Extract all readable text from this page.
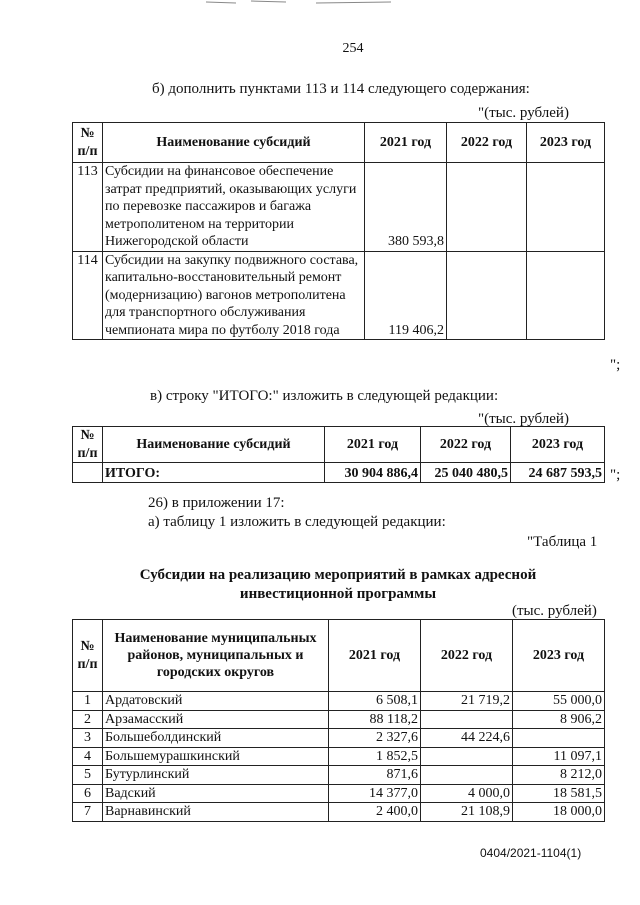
254
б) дополнить пунктами 113 и 114 следующего содержания:
"(тыс. рублей)
№ п/п	Наименование субсидий	2021 год	2022 год	2023 год
113	Субсидии на финансовое обеспечение затрат предприятий, оказывающих услуги по перевозке пассажиров и багажа метрополитеном на территории Нижегородской области	380 593,8		
114	Субсидии на закупку подвижного состава, капитально-восстановительный ремонт (модернизацию) вагонов метрополитена для транспортного обслуживания чемпионата мира по футболу 2018 года	119 406,2		
";
в) строку "ИТОГО:" изложить в следующей редакции:
"(тыс. рублей)
№ п/п	Наименование субсидий	2021 год	2022 год	2023 год
	ИТОГО:	30 904 886,4	25 040 480,5	24 687 593,5 ";
26) в приложении 17:
а) таблицу 1 изложить в следующей редакции:
"Таблица 1
Субсидии на реализацию мероприятий в рамках адресной
инвестиционной программы
(тыс. рублей)
№ п/п	Наименование муниципальных районов, муниципальных и городских округов	2021 год	2022 год	2023 год
1	Ардатовский	6 508,1	21 719,2	55 000,0
2	Арзамасский	88 118,2		8 906,2
3	Большеболдинский	2 327,6	44 224,6	
4	Большемурашкинский	1 852,5		11 097,1
5	Бутурлинский	871,6		8 212,0
6	Вадский	14 377,0	4 000,0	18 581,5
7	Варнавинский	2 400,0	21 108,9	18 000,0
0404/2021-1104(1)
